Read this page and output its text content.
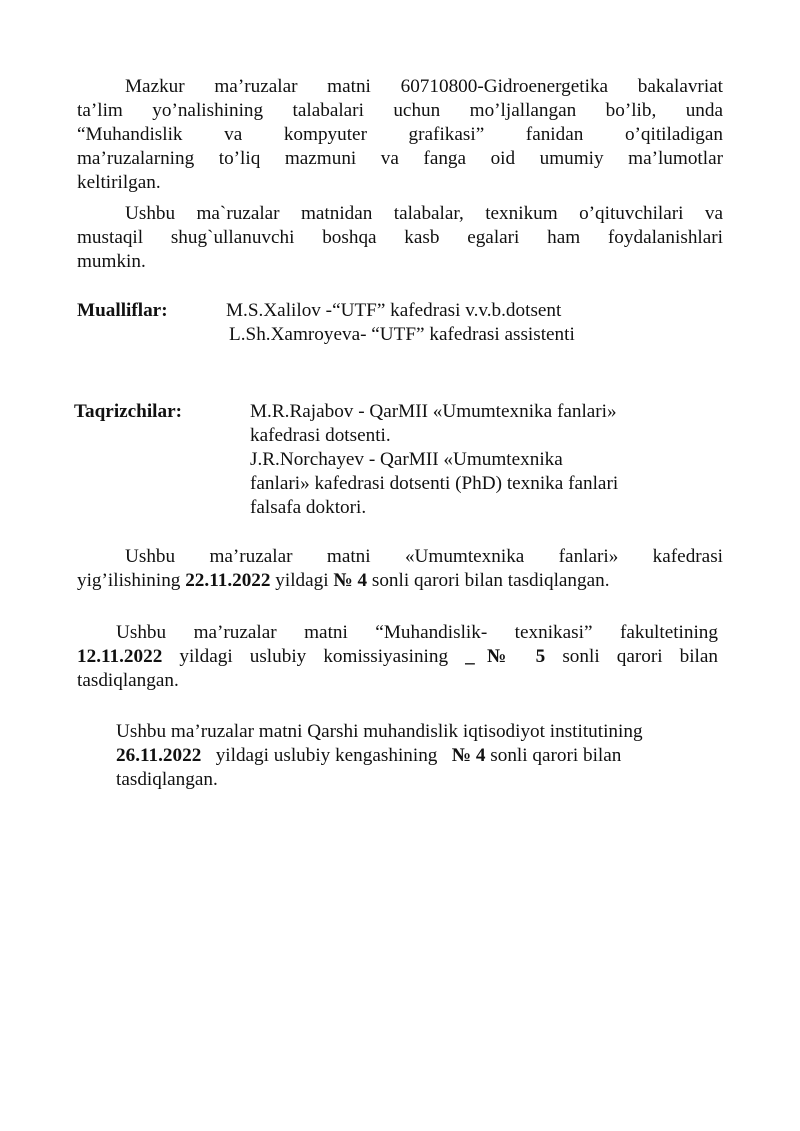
Mazkur ma’ruzalar matni 60710800-Gidroenergetika bakalavriat
ta’lim yo’nalishining talabalari uchun mo’ljallangan bo’lib, unda
“Muhandislik va kompyuter grafikasi” fanidan o’qitiladigan
ma’ruzalarning to’liq mazmuni va fanga oid umumiy ma’lumotlar
keltirilgan.
Ushbu ma`ruzalar matnidan talabalar, texnikum o’qituvchilari va
mustaqil shug`ullanuvchi boshqa kasb egalari ham foydalanishlari
mumkin.
Mualliflar:	M.S.Xalilov -“UTF” kafedrasi v.v.b.dotsent
L.Sh.Xamroyeva- “UTF” kafedrasi assistenti
Taqrizchilar:	M.R.Rajabov - QarMII «Umumtexnika fanlari»
kafedrasi dotsenti.
J.R.Norchayev - QarMII «Umumtexnika
fanlari» kafedrasi dotsenti (PhD) texnika fanlari
falsafa doktori.
Ushbu ma’ruzalar matni «Umumtexnika fanlari» kafedrasi
yig’ilishining 22.11.2022 yildagi № 4 sonli qarori bilan tasdiqlangan.
Ushbu ma’ruzalar matni “Muhandislik- texnikasi” fakultetining
12.11.2022 yildagi uslubiy komissiyasining _№ 5 sonli qarori bilan
tasdiqlangan.
Ushbu ma’ruzalar matni Qarshi muhandislik iqtisodiyot institutining
26.11.2022   yildagi uslubiy kengashining   № 4 sonli qarori bilan
tasdiqlangan.
